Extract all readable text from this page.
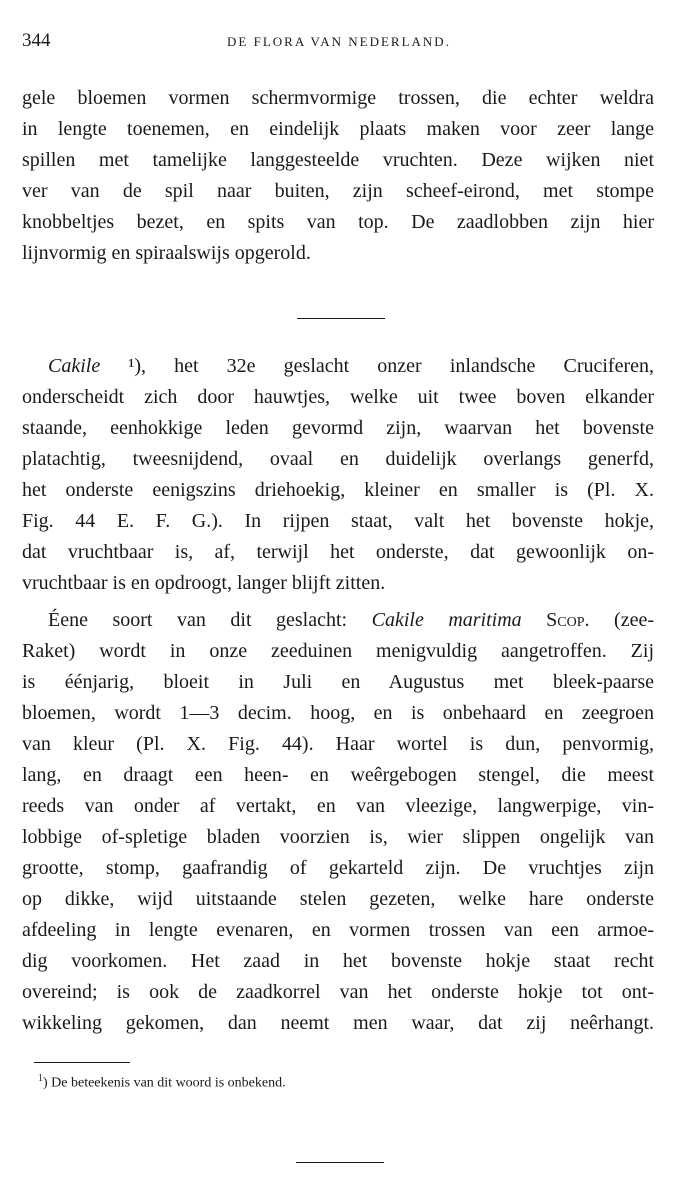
344	DE FLORA VAN NEDERLAND.
gele bloemen vormen schermvormige trossen, die echter weldra
in lengte toenemen, en eindelijk plaats maken voor zeer lange
spillen met tamelijke langgesteelde vruchten. Deze wijken niet
ver van de spil naar buiten, zijn scheef-eirond, met stompe
knobbeltjes bezet, en spits van top. De zaadlobben zijn hier
lijnvormig en spiraalswijs opgerold.
Cakile ¹), het 32e geslacht onzer inlandsche Cruciferen,
onderscheidt zich door hauwtjes, welke uit twee boven elkander
staande, eenhokkige leden gevormd zijn, waarvan het bovenste
platachtig, tweesnijdend, ovaal en duidelijk overlangs generfd,
het onderste eenigszins driehoekig, kleiner en smaller is (Pl. X.
Fig. 44 E. F. G.). In rijpen staat, valt het bovenste hokje,
dat vruchtbaar is, af, terwijl het onderste, dat gewoonlijk on-
vruchtbaar is en opdroogt, langer blijft zitten.
Éene soort van dit geslacht: Cakile maritima Scop. (zee-
Raket) wordt in onze zeeduinen menigvuldig aangetroffen. Zij
is éénjarig, bloeit in Juli en Augustus met bleek-paarse
bloemen, wordt 1—3 decim. hoog, en is onbehaard en zeegroen
van kleur (Pl. X. Fig. 44). Haar wortel is dun, penvormig,
lang, en draagt een heen- en weêrgebogen stengel, die meest
reeds van onder af vertakt, en van vleezige, langwerpige, vin-
lobbige of-spletige bladen voorzien is, wier slippen ongelijk van
grootte, stomp, gaafrandig of gekarteld zijn. De vruchtjes zijn
op dikke, wijd uitstaande stelen gezeten, welke hare onderste
afdeeling in lengte evenaren, en vormen trossen van een armoe-
dig voorkomen. Het zaad in het bovenste hokje staat recht
overeind; is ook de zaadkorrel van het onderste hokje tot ont-
wikkeling gekomen, dan neemt men waar, dat zij neêrhangt.
$^1$) De beteekenis van dit woord is onbekend.
